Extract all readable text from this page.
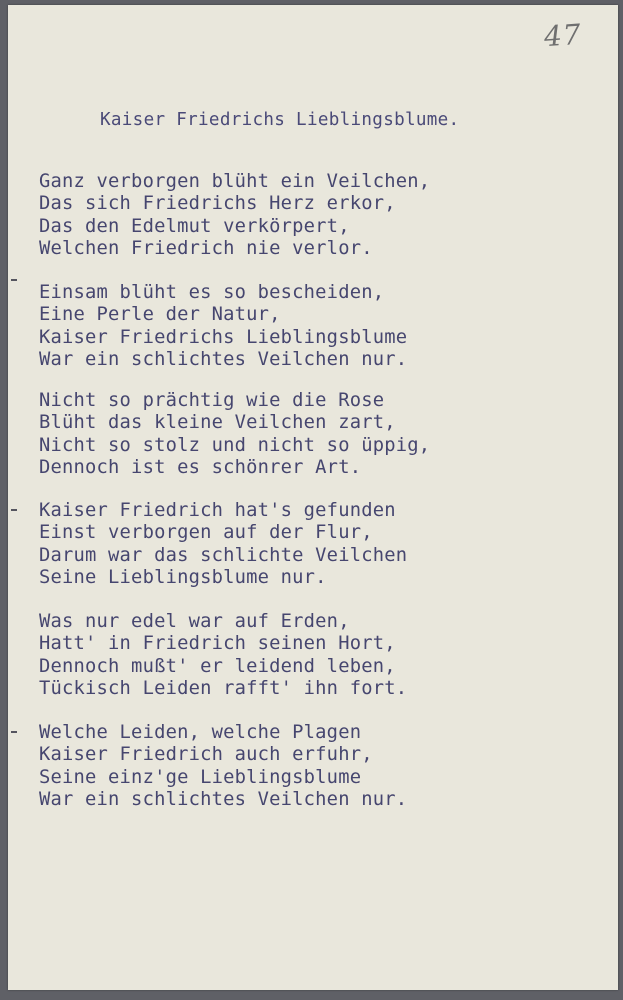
47
Kaiser Friedrichs Lieblingsblume.
Ganz verborgen blüht ein Veilchen,
Das sich Friedrichs Herz erkor,
Das den Edelmut verkörpert,
Welchen Friedrich nie verlor.
Einsam blüht es so bescheiden,
Eine Perle der Natur,
Kaiser Friedrichs Lieblingsblume
War ein schlichtes Veilchen nur.
Nicht so prächtig wie die Rose
Blüht das kleine Veilchen zart,
Nicht so stolz und nicht so üppig,
Dennoch ist es schönrer Art.
Kaiser Friedrich hat's gefunden
Einst verborgen auf der Flur,
Darum war das schlichte Veilchen
Seine Lieblingsblume nur.
Was nur edel war auf Erden,
Hatt' in Friedrich seinen Hort,
Dennoch mußt' er leidend leben,
Tückisch Leiden rafft' ihn fort.
Welche Leiden, welche Plagen
Kaiser Friedrich auch erfuhr,
Seine einz'ge Lieblingsblume
War ein schlichtes Veilchen nur.
